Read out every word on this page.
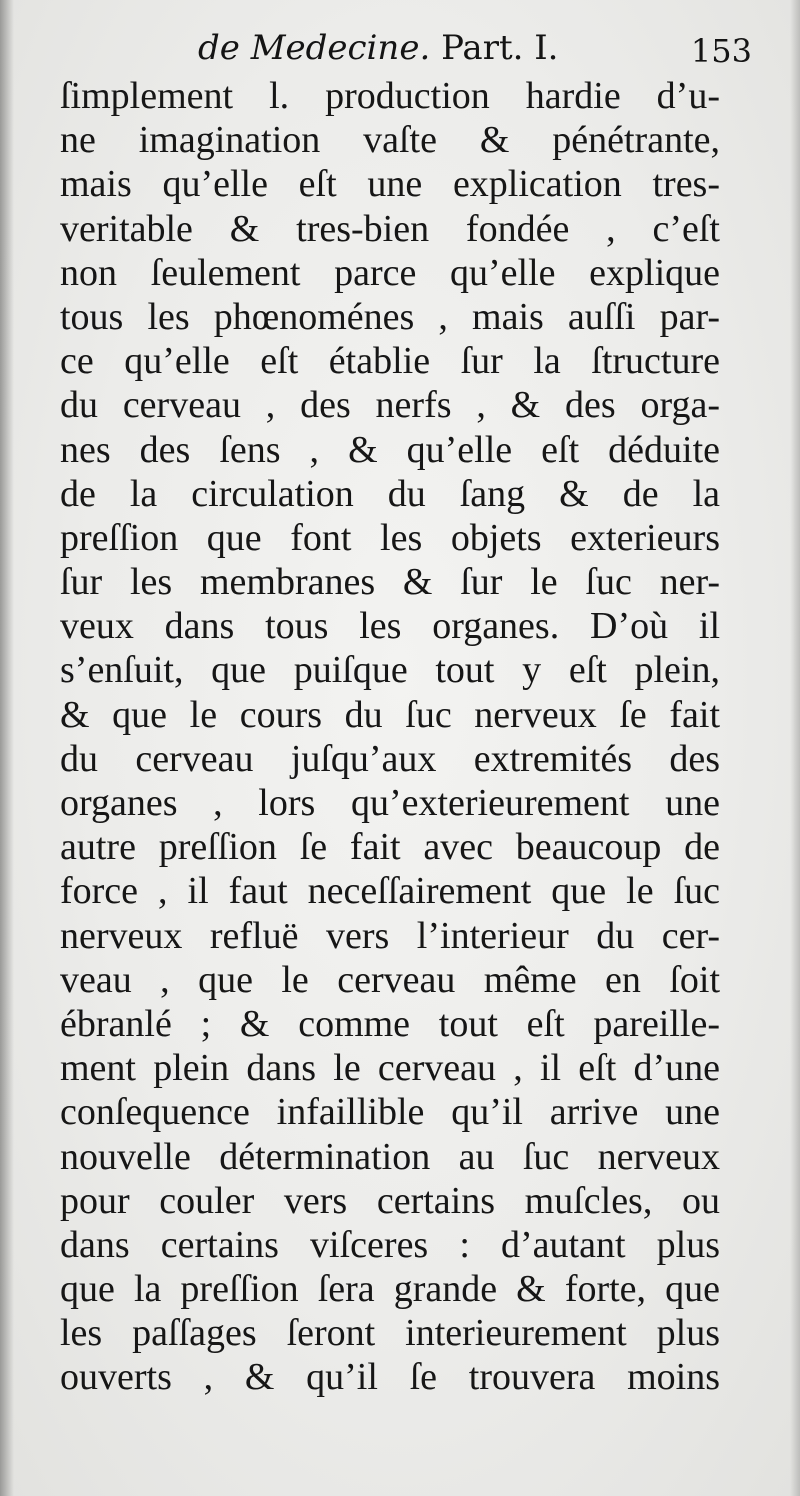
de Medecine. Part. I.	153
ſimplement l. production hardie d’u-
ne imagination vaſte & pénétrante,
mais qu’elle eſt une explication tres-
veritable & tres-bien fondée , c’eſt
non ſeulement parce qu’elle explique
tous les phœnoménes , mais auſſi par-
ce qu’elle eſt établie ſur la ſtructure
du cerveau , des nerfs , & des orga-
nes des ſens , & qu’elle eſt déduite
de la circulation du ſang & de la
preſſion que font les objets exterieurs
ſur les membranes & ſur le ſuc ner-
veux dans tous les organes. D’où il
s’enſuit, que puiſque tout y eſt plein,
& que le cours du ſuc nerveux ſe fait
du cerveau juſqu’aux extremités des
organes , lors qu’exterieurement une
autre preſſion ſe fait avec beaucoup de
force , il faut neceſſairement que le ſuc
nerveux refluë vers l’interieur du cer-
veau , que le cerveau même en ſoit
ébranlé ; & comme tout eſt pareille-
ment plein dans le cerveau , il eſt d’une
conſequence infaillible qu’il arrive une
nouvelle détermination au ſuc nerveux
pour couler vers certains muſcles, ou
dans certains viſceres : d’autant plus
que la preſſion ſera grande & forte, que
les paſſages ſeront interieurement plus
ouverts , & qu’il ſe trouvera moins
